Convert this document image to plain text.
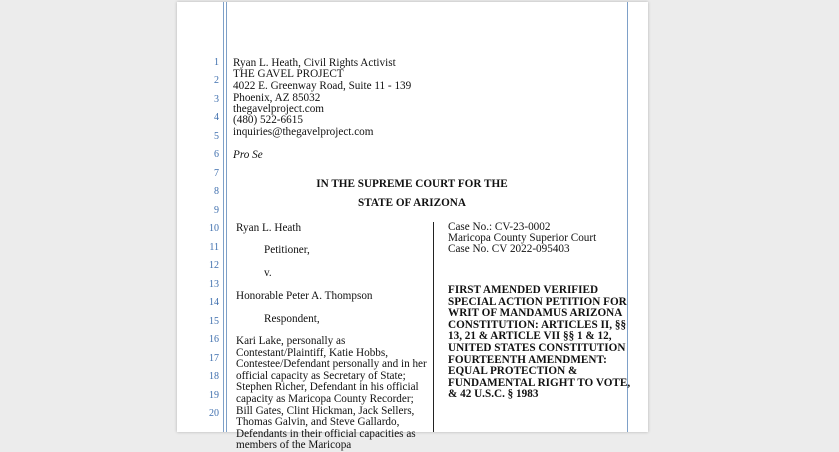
1
2
3
4
5
6
7
8
9
10
11
12
13
14
15
16
17
18
19
20
Ryan L. Heath, Civil Rights Activist
THE GAVEL PROJECT
4022 E. Greenway Road, Suite 11 - 139
Phoenix, AZ 85032
thegavelproject.com
(480) 522-6615
inquiries@thegavelproject.com
Pro Se
IN THE SUPREME COURT FOR THE
STATE OF ARIZONA
Ryan L. Heath
Petitioner,
v.
Honorable Peter A. Thompson
Respondent,
Kari Lake, personally as Contestant/Plaintiff, Katie Hobbs, Contestee/Defendant personally and in her official capacity as Secretary of State; Stephen Richer, Defendant in his official capacity as Maricopa County Recorder; Bill Gates, Clint Hickman, Jack Sellers, Thomas Galvin, and Steve Gallardo, Defendants in their official capacities as members of the Maricopa
Case No.: CV-23-0002
Maricopa County Superior Court
Case No. CV 2022-095403
FIRST AMENDED VERIFIED SPECIAL ACTION PETITION FOR WRIT OF MANDAMUS ARIZONA CONSTITUTION: ARTICLES II, §§ 13, 21 & ARTICLE VII §§ 1 & 12, UNITED STATES CONSTITUTION FOURTEENTH AMENDMENT: EQUAL PROTECTION & FUNDAMENTAL RIGHT TO VOTE, & 42 U.S.C. § 1983
